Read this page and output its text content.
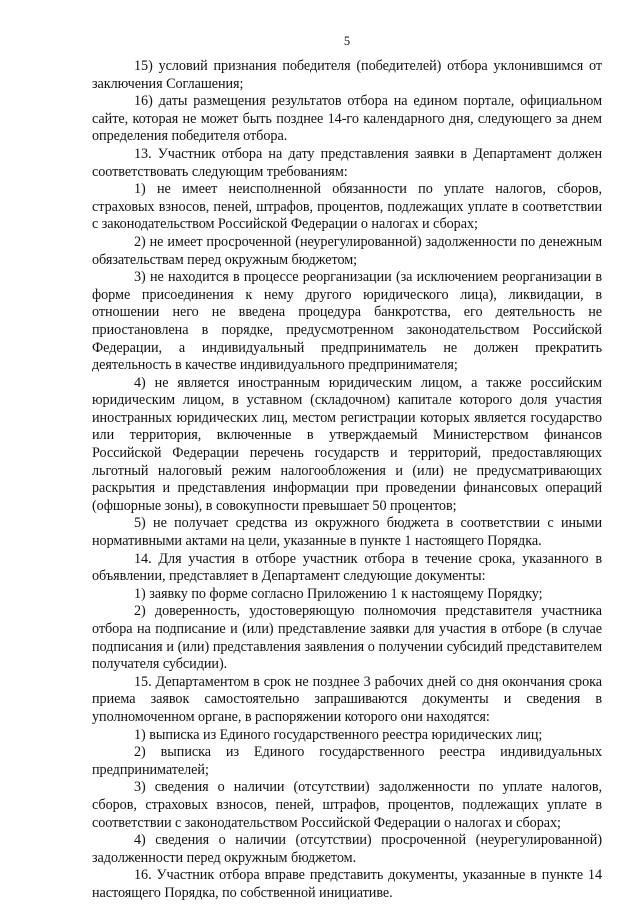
5

15) условий признания победителя (победителей) отбора уклонившимся от заключения Соглашения;

16) даты размещения результатов отбора на едином портале, официальном сайте, которая не может быть позднее 14-го календарного дня, следующего за днем определения победителя отбора.

13. Участник отбора на дату представления заявки в Департамент должен соответствовать следующим требованиям:

1) не имеет неисполненной обязанности по уплате налогов, сборов, страховых взносов, пеней, штрафов, процентов, подлежащих уплате в соответствии с законодательством Российской Федерации о налогах и сборах;

2) не имеет просроченной (неурегулированной) задолженности по денежным обязательствам перед окружным бюджетом;

3) не находится в процессе реорганизации (за исключением реорганизации в форме присоединения к нему другого юридического лица), ликвидации, в отношении него не введена процедура банкротства, его деятельность не приостановлена в порядке, предусмотренном законодательством Российской Федерации, а индивидуальный предприниматель не должен прекратить деятельность в качестве индивидуального предпринимателя;

4) не является иностранным юридическим лицом, а также российским юридическим лицом, в уставном (складочном) капитале которого доля участия иностранных юридических лиц, местом регистрации которых является государство или территория, включенные в утверждаемый Министерством финансов Российской Федерации перечень государств и территорий, предоставляющих льготный налоговый режим налогообложения и (или) не предусматривающих раскрытия и представления информации при проведении финансовых операций (офшорные зоны), в совокупности превышает 50 процентов;

5) не получает средства из окружного бюджета в соответствии с иными нормативными актами на цели, указанные в пункте 1 настоящего Порядка.

14. Для участия в отборе участник отбора в течение срока, указанного в объявлении, представляет в Департамент следующие документы:

1) заявку по форме согласно Приложению 1 к настоящему Порядку;

2) доверенность, удостоверяющую полномочия представителя участника отбора на подписание и (или) представление заявки для участия в отборе (в случае подписания и (или) представления заявления о получении субсидий представителем получателя субсидии).

15. Департаментом в срок не позднее 3 рабочих дней со дня окончания срока приема заявок самостоятельно запрашиваются документы и сведения в уполномоченном органе, в распоряжении которого они находятся:

1) выписка из Единого государственного реестра юридических лиц;

2) выписка из Единого государственного реестра индивидуальных предпринимателей;

3) сведения о наличии (отсутствии) задолженности по уплате налогов, сборов, страховых взносов, пеней, штрафов, процентов, подлежащих уплате в соответствии с законодательством Российской Федерации о налогах и сборах;

4) сведения о наличии (отсутствии) просроченной (неурегулированной) задолженности перед окружным бюджетом.

16. Участник отбора вправе представить документы, указанные в пункте 14 настоящего Порядка, по собственной инициативе.
